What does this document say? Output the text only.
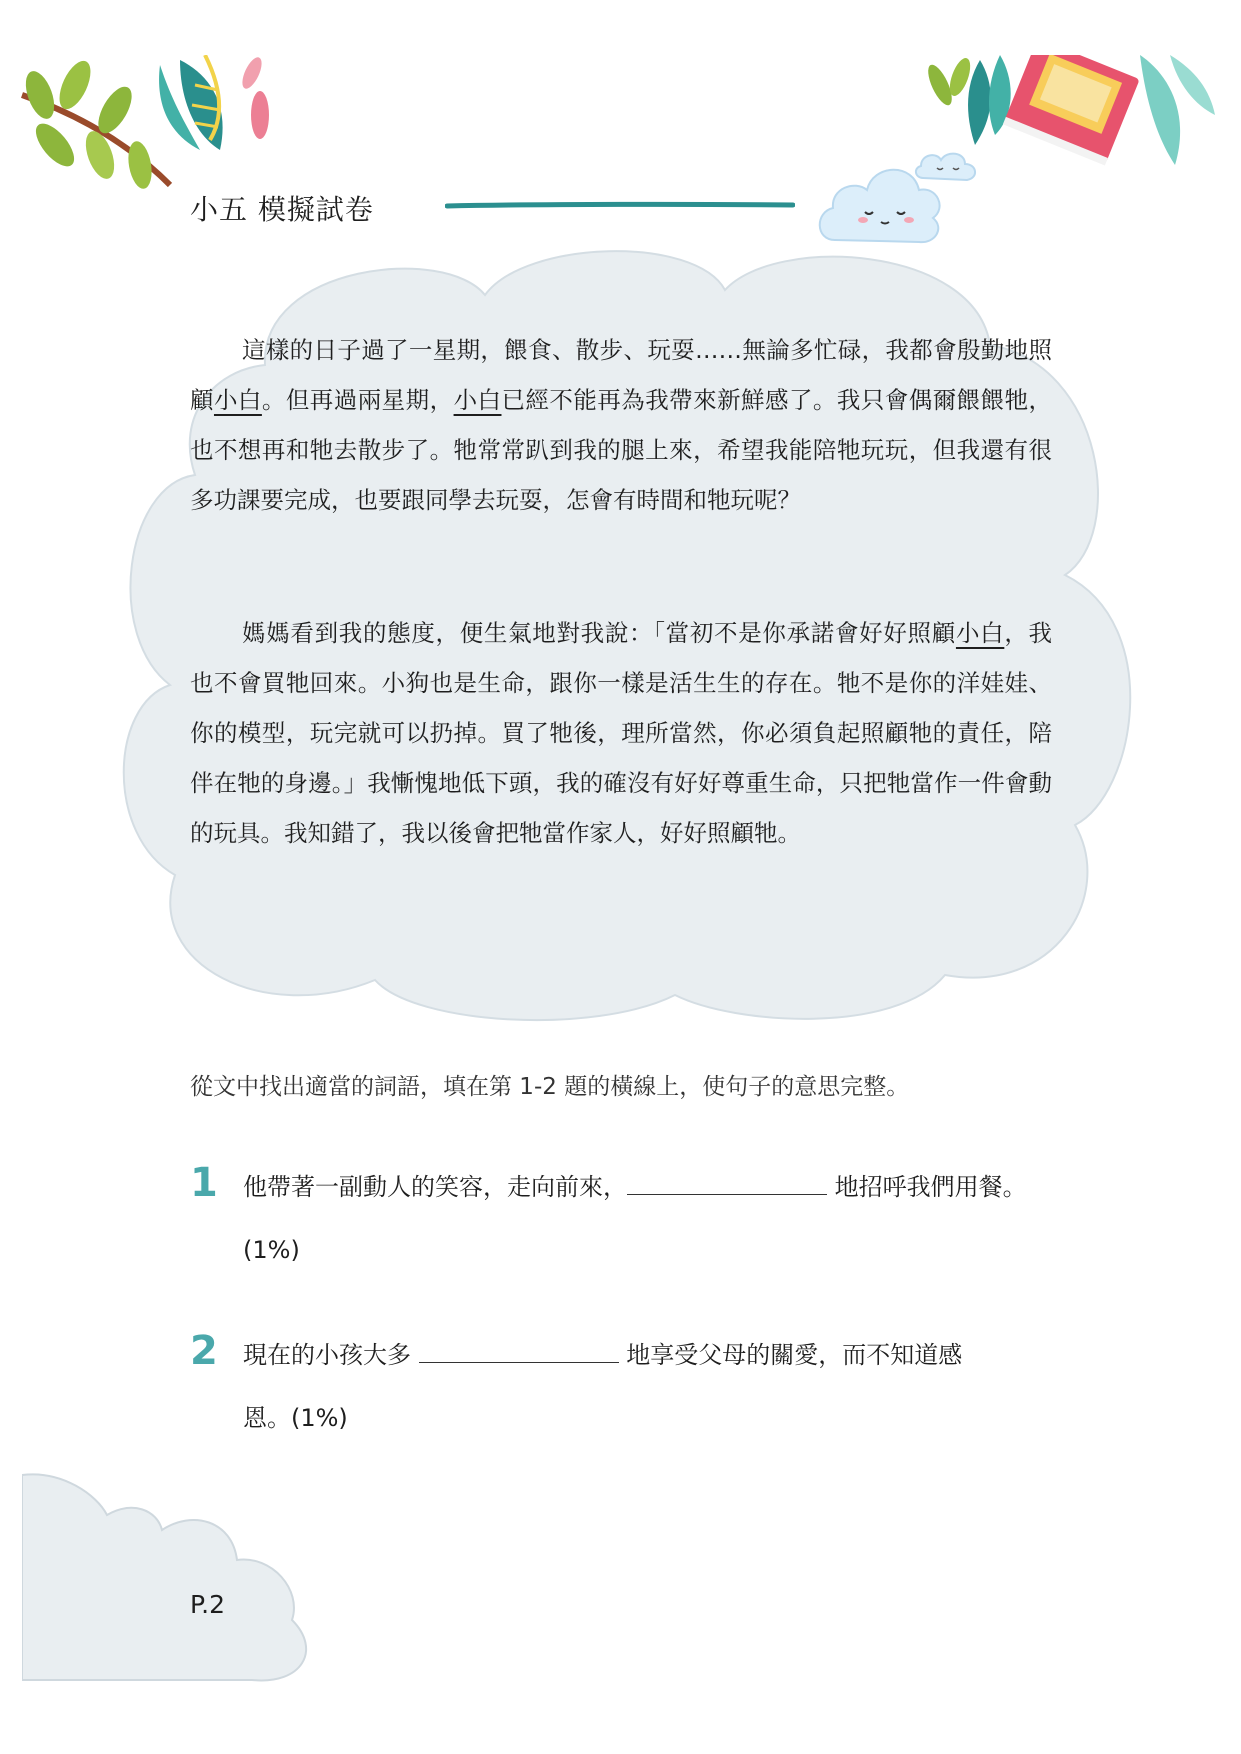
小五 模擬試卷

這樣的日子過了一星期，餵食、散步、玩耍……無論多忙碌，我都會殷勤地照顧小白。但再過兩星期，小白已經不能再為我帶來新鮮感了。我只會偶爾餵餵牠，也不想再和牠去散步了。牠常常趴到我的腿上來，希望我能陪牠玩玩，但我還有很多功課要完成，也要跟同學去玩耍，怎會有時間和牠玩呢？

媽媽看到我的態度，便生氣地對我說：「當初不是你承諾會好好照顧小白，我也不會買牠回來。小狗也是生命，跟你一樣是活生生的存在。牠不是你的洋娃娃、你的模型，玩完就可以扔掉。買了牠後，理所當然，你必須負起照顧牠的責任，陪伴在牠的身邊。」我慚愧地低下頭，我的確沒有好好尊重生命，只把牠當作一件會動的玩具。我知錯了，我以後會把牠當作家人，好好照顧牠。

從文中找出適當的詞語，填在第 1-2 題的橫線上，使句子的意思完整。
1 他帶著一副動人的笑容，走向前來，	地招呼我們用餐。
(1%)
2 現在的小孩大多	地享受父母的關愛，而不知道感
恩。(1%)
P.2
